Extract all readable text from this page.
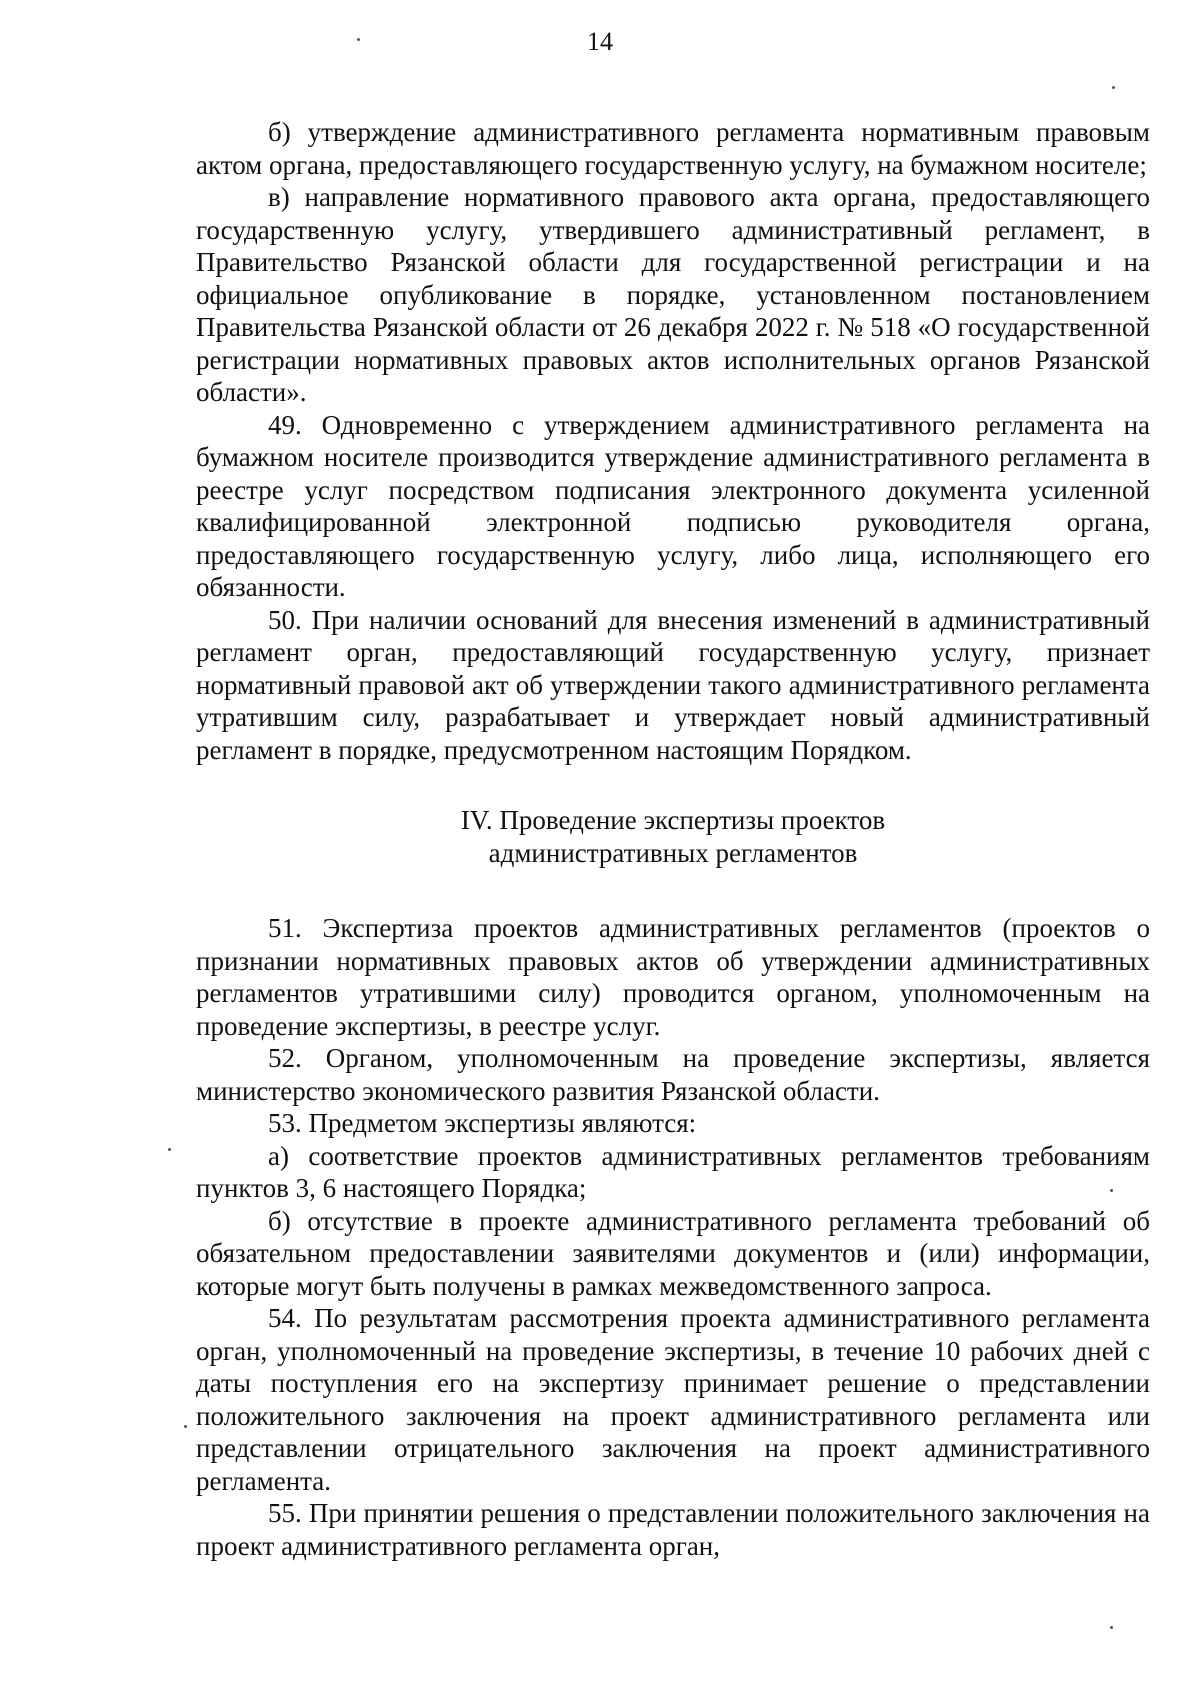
14

б) утверждение административного регламента нормативным правовым актом органа, предоставляющего государственную услугу, на бумажном носителе;

в) направление нормативного правового акта органа, предоставляющего государственную услугу, утвердившего административный регламент, в Правительство Рязанской области для государственной регистрации и на официальное опубликование в порядке, установленном постановлением Правительства Рязанской области от 26 декабря 2022 г. № 518 «О государственной регистрации нормативных правовых актов исполнительных органов Рязанской области».

49. Одновременно с утверждением административного регламента на бумажном носителе производится утверждение административного регламента в реестре услуг посредством подписания электронного документа усиленной квалифицированной электронной подписью руководителя органа, предоставляющего государственную услугу, либо лица, исполняющего его обязанности.

50. При наличии оснований для внесения изменений в административный регламент орган, предоставляющий государственную услугу, признает нормативный правовой акт об утверждении такого административного регламента утратившим силу, разрабатывает и утверждает новый административный регламент в порядке, предусмотренном настоящим Порядком.

IV. Проведение экспертизы проектов
административных регламентов

51. Экспертиза проектов административных регламентов (проектов о признании нормативных правовых актов об утверждении административных регламентов утратившими силу) проводится органом, уполномоченным на проведение экспертизы, в реестре услуг.

52. Органом, уполномоченным на проведение экспертизы, является министерство экономического развития Рязанской области.

53. Предметом экспертизы являются:

а) соответствие проектов административных регламентов требованиям пунктов 3, 6 настоящего Порядка;

б) отсутствие в проекте административного регламента требований об обязательном предоставлении заявителями документов и (или) информации, которые могут быть получены в рамках межведомственного запроса.

54. По результатам рассмотрения проекта административного регламента орган, уполномоченный на проведение экспертизы, в течение 10 рабочих дней с даты поступления его на экспертизу принимает решение о представлении положительного заключения на проект административного регламента или представлении отрицательного заключения на проект административного регламента.

55. При принятии решения о представлении положительного заключения на проект административного регламента орган,
